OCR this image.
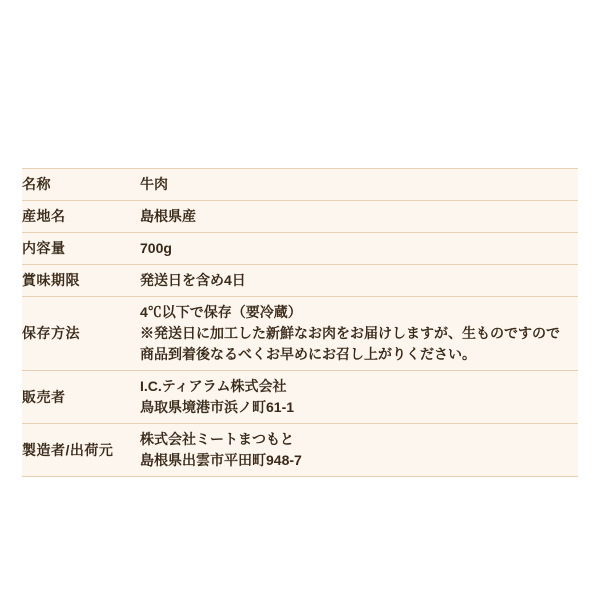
名称	牛肉

産地名	島根県産

内容量	700g

賞味期限	発送日を含め4日

保存方法	4℃以下で保存（要冷蔵）
※発送日に加工した新鮮なお肉をお届けしますが、生ものですので
商品到着後なるべくお早めにお召し上がりください。

販売者	I.C.ティアラム株式会社
鳥取県境港市浜ノ町61-1

製造者/出荷元	株式会社ミートまつもと
島根県出雲市平田町948-7
